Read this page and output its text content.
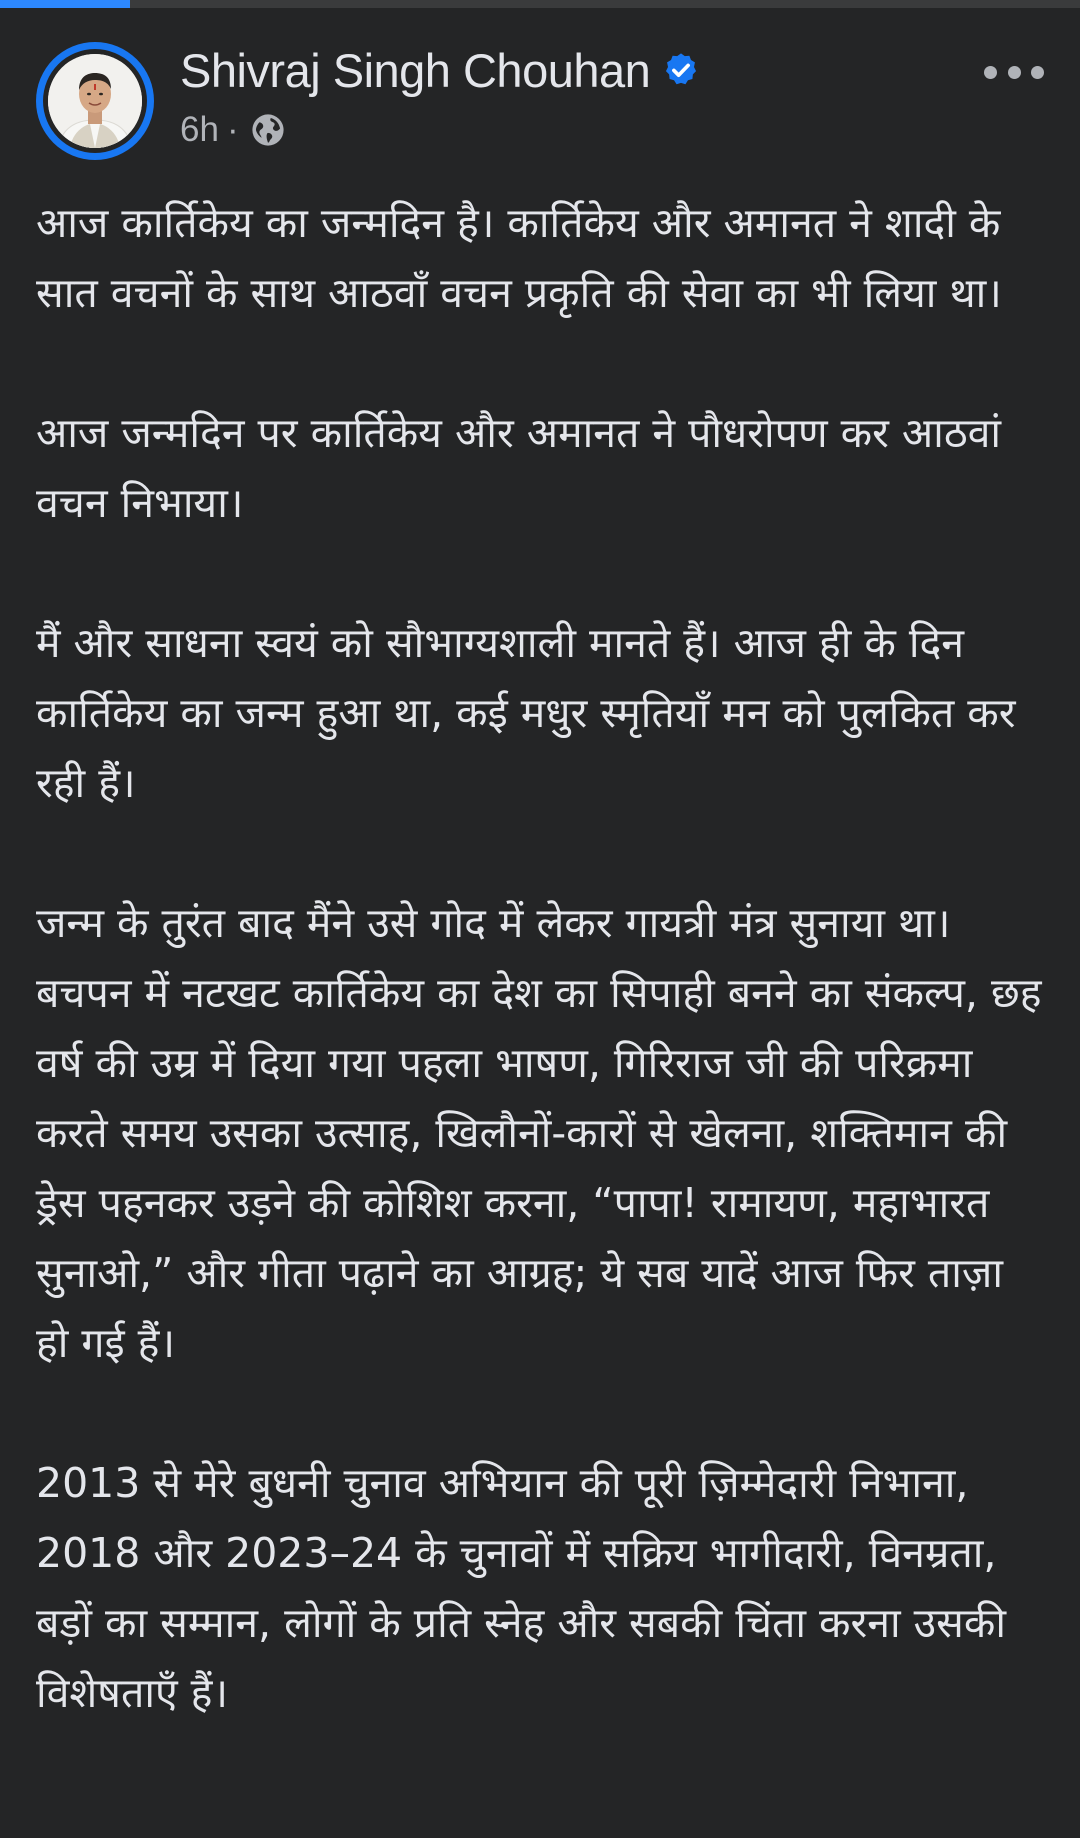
Shivraj Singh Chouhan
6h ·

आज कार्तिकेय का जन्मदिन है। कार्तिकेय और अमानत ने शादी के सात वचनों के साथ आठवाँ वचन प्रकृति की सेवा का भी लिया था।

आज जन्मदिन पर कार्तिकेय और अमानत ने पौधरोपण कर आठवां वचन निभाया।

मैं और साधना स्वयं को सौभाग्यशाली मानते हैं। आज ही के दिन कार्तिकेय का जन्म हुआ था, कई मधुर स्मृतियाँ मन को पुलकित कर रही हैं।

जन्म के तुरंत बाद मैंने उसे गोद में लेकर गायत्री मंत्र सुनाया था। बचपन में नटखट कार्तिकेय का देश का सिपाही बनने का संकल्प, छह वर्ष की उम्र में दिया गया पहला भाषण, गिरिराज जी की परिक्रमा करते समय उसका उत्साह, खिलौनों-कारों से खेलना, शक्तिमान की ड्रेस पहनकर उड़ने की कोशिश करना, “पापा! रामायण, महाभारत सुनाओ,” और गीता पढ़ाने का आग्रह; ये सब यादें आज फिर ताज़ा हो गई हैं।

2013 से मेरे बुधनी चुनाव अभियान की पूरी ज़िम्मेदारी निभाना, 2018 और 2023–24 के चुनावों में सक्रिय भागीदारी, विनम्रता, बड़ों का सम्मान, लोगों के प्रति स्नेह और सबकी चिंता करना उसकी विशेषताएँ हैं।
